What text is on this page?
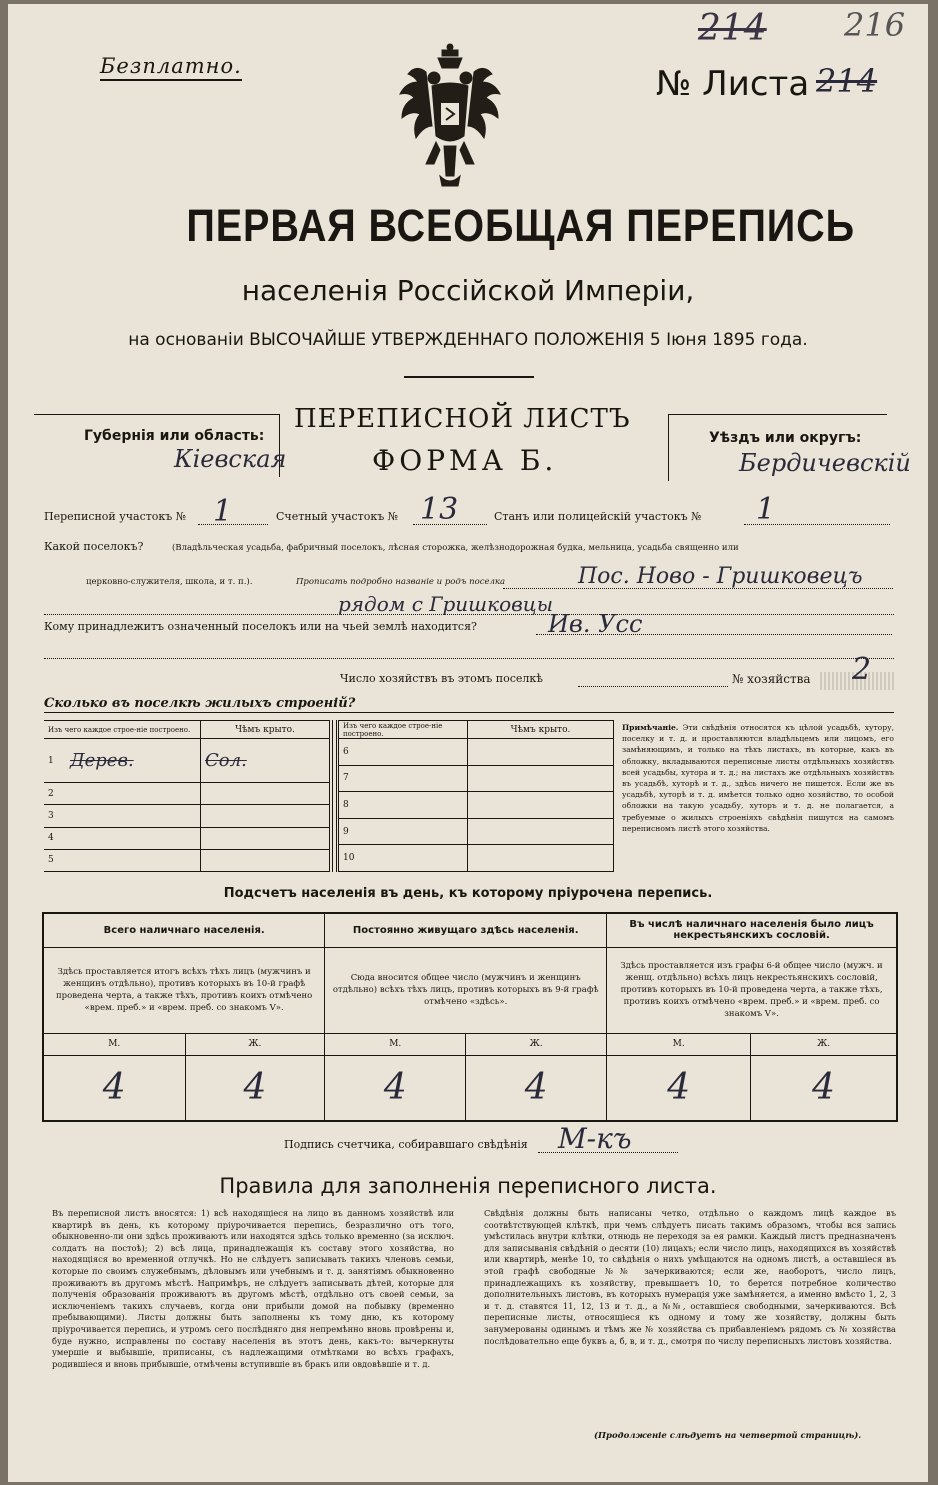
Безплатно.	№ Листа 214
214 216
ПЕРВАЯ ВСЕОБЩАЯ ПЕРЕПИСЬ
населенія Россійской Имперіи,
на основаніи ВЫСОЧАЙШЕ УТВЕРЖДЕННАГО ПОЛОЖЕНІЯ 5 Іюня 1895 года.
Губернія или область:
Кіевская
ПЕРЕПИСНОЙ ЛИСТЪ
ФОРМА Б.
Уѣздъ или округъ:
Бердичевскій
Переписной участокъ № 1	Счетный участокъ № 13	Станъ или полицейскій участокъ № 1
Какой поселокъ?	(Владѣльческая усадьба, фабричный поселокъ, лѣсная сторожка, желѣзнодорожная будка, мельница, усадьба священно или
церковно-служителя, школа, и т. п.).	Прописать подробно названіе и родъ поселка	Пос. Ново - Гришковецъ
рядом с Гришковцы
Кому принадлежитъ означенный поселокъ или на чьей землѣ находится?	Ив. Усс
Число хозяйствъ въ этомъ поселкѣ	№ хозяйства 2
Сколько въ поселкѣ жилыхъ строеній?
Изъ чего каждое строе-ніе построено.		Чѣмъ крыто.
1	Дерев.	Сол.
2		
3		
4		
5		
Изъ чего каждое строе-ніе построено.	Чѣмъ крыто.
6	
7	
8	
9	
10	
Примѣчаніе. Эти свѣдѣнія относятся къ цѣлой усадьбѣ, хутору, поселку и т. д. и проставляются владѣльцемъ или лицомъ, его замѣняющимъ, и только на тѣхъ листахъ, въ которые, какъ въ обложку, вкладываются переписные листы отдѣльныхъ хозяйствъ всей усадьбы, хутора и т. д.; на листахъ же отдѣльныхъ хозяйствъ въ усадьбѣ, хуторѣ и т. д., здѣсь ничего не пишется. Если же въ усадьбѣ, хуторѣ и т. д. имѣется только одно хозяйство, то особой обложки на такую усадьбу, хуторъ и т. д. не полагается, а требуемые о жилыхъ строеніяхъ свѣдѣнія пишутся на самомъ переписномъ листѣ этого хозяйства.
Подсчетъ населенія въ день, къ которому пріурочена перепись.
Всего наличнаго населенія.		Постоянно живущаго здѣсь населенія.		Въ числѣ наличнаго населенія было лицъ некрестьянскихъ сословій.	
Здѣсь проставляется итогъ всѣхъ тѣхъ лицъ (мужчинъ и женщинъ отдѣльно), противъ которыхъ въ 10-й графѣ проведена черта, а также тѣхъ, противъ коихъ отмѣчено «врем. преб.» и «врем. преб. со знакомъ V».		Сюда вносится общее число (мужчинъ и женщинъ отдѣльно) всѣхъ тѣхъ лицъ, противъ которыхъ въ 9-й графѣ отмѣчено «здѣсь».		Здѣсь проставляется изъ графы 6-й общее число (мужч. и женщ. отдѣльно) всѣхъ лицъ некрестьянскихъ сословій, противъ которыхъ въ 10-й проведена черта, а также тѣхъ, противъ коихъ отмѣчено «врем. преб.» и «врем. преб. со знакомъ V».	
М.	Ж.	М.	Ж.	М.	Ж.
4	4	4	4	4	4
Подпись счетчика, собиравшаго свѣдѣнія М-къ
Правила для заполненія переписного листа.
Въ переписной листъ вносятся: 1) всѣ находящіеся на лицо въ данномъ хозяйствѣ или квартирѣ въ день, къ которому пріурочивается перепись, безразлично отъ того, обыкновенно-ли они здѣсь проживаютъ или находятся здѣсь только временно (за исключ. солдатъ на постоѣ); 2) всѣ лица, принадлежащія къ составу этого хозяйства, но находящіяся во временной отлучкѣ. Но не слѣдуетъ записывать такихъ членовъ семьи, которые по своимъ служебнымъ, дѣловымъ или учебнымъ и т. д. занятіямъ обыкновенно проживаютъ въ другомъ мѣстѣ. Напримѣръ, не слѣдуетъ записывать дѣтей, которые для полученія образованія проживаютъ въ другомъ мѣстѣ, отдѣльно отъ своей семьи, за исключеніемъ такихъ случаевъ, когда они прибыли домой на побывку (временно пребывающими). Листы должны быть заполнены къ тому дню, къ которому пріурочивается перепись, и утромъ сего послѣдняго дня непремѣнно вновь провѣрены и, буде нужно, исправлены по составу населенія въ этотъ день, какъ-то: вычеркнуты умершіе и выбывшіе, приписаны, съ надлежащими отмѣтками во всѣхъ графахъ, родившіеся и вновь прибывшіе, отмѣчены вступившіе въ бракъ или овдовѣвшіе и т. д.
Свѣдѣнія должны быть написаны четко, отдѣльно о каждомъ лицѣ каждое въ соотвѣтствующей клѣткѣ, при чемъ слѣдуетъ писать такимъ образомъ, чтобы вся запись умѣстилась внутри клѣтки, отнюдь не переходя за ея рамки. Каждый листъ предназначенъ для записыванія свѣдѣній о десяти (10) лицахъ; если число лицъ, находящихся въ хозяйствѣ или квартирѣ, менѣе 10, то свѣдѣнія о нихъ умѣщаются на одномъ листѣ, а оставшіеся въ этой графѣ свободные №№ зачеркиваются; если же, наоборотъ, число лицъ, принадлежащихъ къ хозяйству, превышаетъ 10, то берется потребное количество дополнительныхъ листовъ, въ которыхъ нумерація уже замѣняется, а именно вмѣсто 1, 2, 3 и т. д. ставятся 11, 12, 13 и т. д., а №№, оставшіеся свободными, зачеркиваются. Всѣ переписные листы, относящіеся къ одному и тому же хозяйству, должны быть занумерованы одинымъ и тѣмъ же № хозяйства съ прибавленіемъ рядомъ съ № хозяйства послѣдовательно еще буквъ а, б, в, и т. д., смотря по числу переписныхъ листовъ хозяйства.
(Продолженіе слѣдуетъ на четвертой страницѣ).
